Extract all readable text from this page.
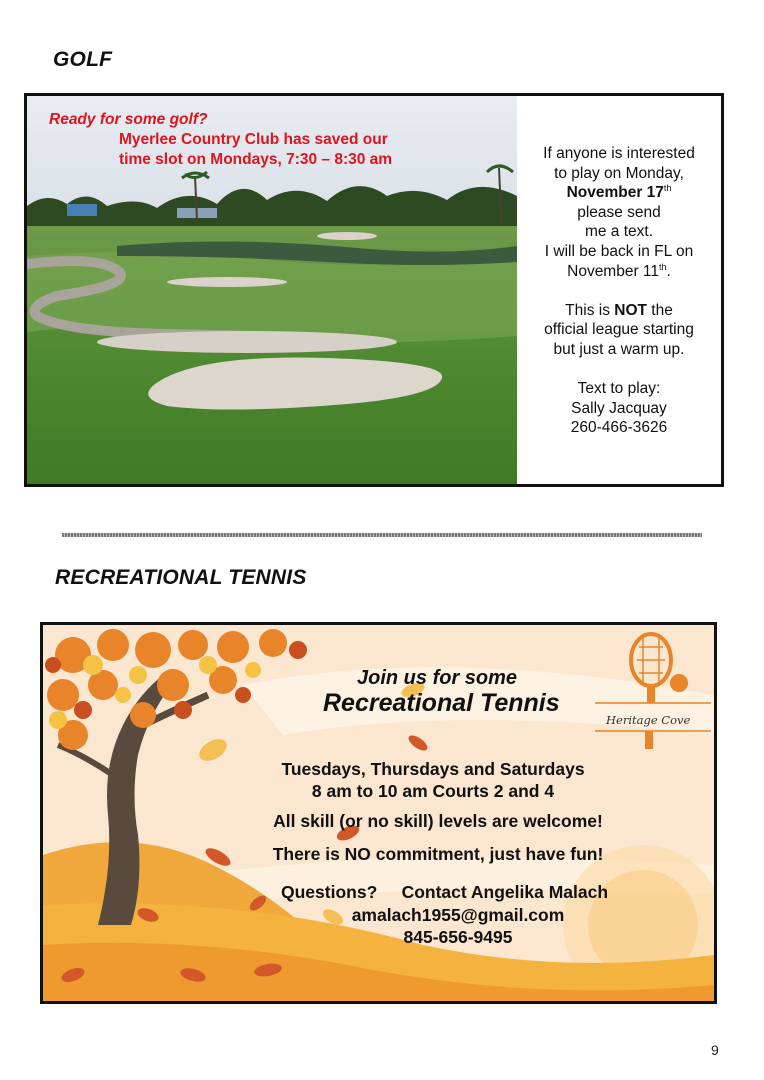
GOLF
Ready for some golf?
Myerlee Country Club has saved our
time slot on Mondays, 7:30 – 8:30 am	If anyone is interested

to play on Monday,

November 17th

please send

me a text.

I will be back in FL on

November 11th.

This is NOT the

official league starting

but just a warm up.

Text to play:

Sally Jacquay

260-466-3626

RECREATIONAL TENNIS
Heritage Cove
Join us for some
Recreational Tennis
Tuesdays, Thursdays and Saturdays
8 am to 10 am Courts 2 and 4
All skill (or no skill) levels are welcome!
There is NO commitment, just have fun!
Questions?     Contact Angelika Malach
amalach1955@gmail.com
845-656-9495
9
